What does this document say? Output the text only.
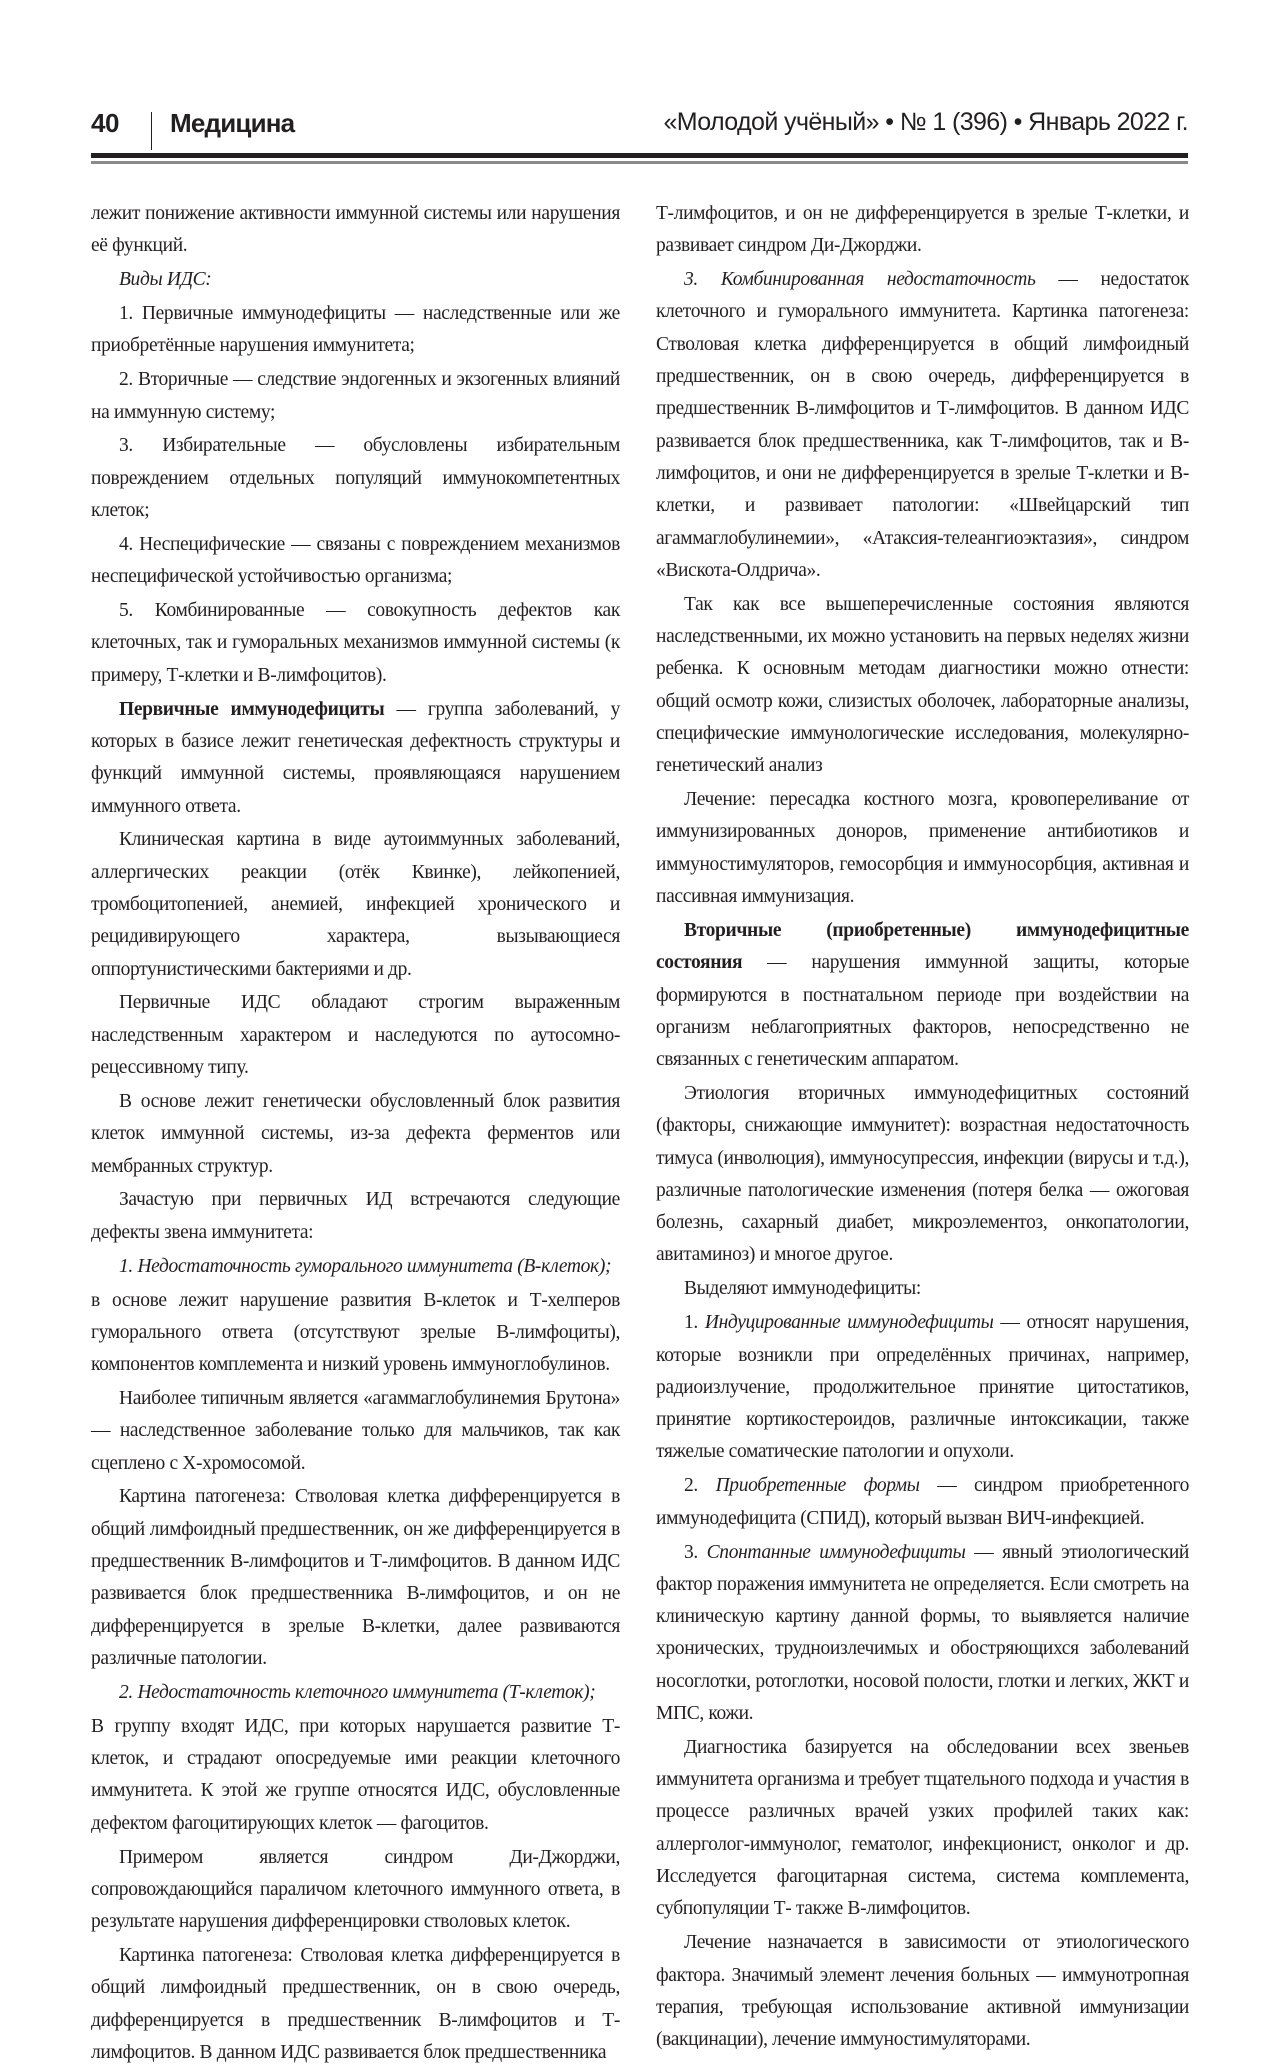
40 Медицина	«Молодой учёный» • № 1 (396) • Январь 2022 г.

лежит понижение активности иммунной системы или нарушения её функций.

Виды ИДС:

1. Первичные иммунодефициты — наследственные или же приобретённые нарушения иммунитета;

2. Вторичные — следствие эндогенных и экзогенных влияний на иммунную систему;

3. Избирательные — обусловлены избирательным повреждением отдельных популяций иммунокомпетентных клеток;

4. Неспецифические — связаны с повреждением механизмов неспецифической устойчивостью организма;

5. Комбинированные — совокупность дефектов как клеточных, так и гуморальных механизмов иммунной системы (к примеру, Т-клетки и В-лимфоцитов).

Первичные иммунодефициты — группа заболеваний, у которых в базисе лежит генетическая дефектность структуры и функций иммунной системы, проявляющаяся нарушением иммунного ответа.

Клиническая картина в виде аутоиммунных заболеваний, аллергических реакции (отёк Квинке), лейкопенией, тромбоцитопенией, анемией, инфекцией хронического и рецидивирующего характера, вызывающиеся оппортунистическими бактериями и др.

Первичные ИДС обладают строгим выраженным наследственным характером и наследуются по аутосомно-рецессивному типу.

В основе лежит генетически обусловленный блок развития клеток иммунной системы, из-за дефекта ферментов или мембранных структур.

Зачастую при первичных ИД встречаются следующие дефекты звена иммунитета:

1. Недостаточность гуморального иммунитета (В-клеток);

в основе лежит нарушение развития В-клеток и Т-хелперов гуморального ответа (отсутствуют зрелые В-лимфоциты), компонентов комплемента и низкий уровень иммуноглобулинов.

Наиболее типичным является «агаммаглобулинемия Брутона» — наследственное заболевание только для мальчиков, так как сцеплено с Х-хромосомой.

Картина патогенеза: Стволовая клетка дифференцируется в общий лимфоидный предшественник, он же дифференцируется в предшественник В-лимфоцитов и Т-лимфоцитов. В данном ИДС развивается блок предшественника В-лимфоцитов, и он не дифференцируется в зрелые В-клетки, далее развиваются различные патологии.

2. Недостаточность клеточного иммунитета (Т-клеток);

В группу входят ИДС, при которых нарушается развитие Т-клеток, и страдают опосредуемые ими реакции клеточного иммунитета. К этой же группе относятся ИДС, обусловленные дефектом фагоцитирующих клеток — фагоцитов.

Примером является синдром Ди-Джорджи, сопровождающийся параличом клеточного иммунного ответа, в результате нарушения дифференцировки стволовых клеток.

Картинка патогенеза: Стволовая клетка дифференцируется в общий лимфоидный предшественник, он в свою очередь, дифференцируется в предшественник В-лимфоцитов и Т-лимфоцитов. В данном ИДС развивается блок предшественника

Т-лимфоцитов, и он не дифференцируется в зрелые Т-клетки, и развивает синдром Ди-Джорджи.

3. Комбинированная недостаточность — недостаток клеточного и гуморального иммунитета. Картинка патогенеза: Стволовая клетка дифференцируется в общий лимфоидный предшественник, он в свою очередь, дифференцируется в предшественник В-лимфоцитов и Т-лимфоцитов. В данном ИДС развивается блок предшественника, как Т-лимфоцитов, так и В-лимфоцитов, и они не дифференцируется в зрелые Т-клетки и В-клетки, и развивает патологии: «Швейцарский тип агаммаглобулинемии», «Атаксия-телеангиоэктазия», синдром «Вискота-Олдрича».

Так как все вышеперечисленные состояния являются наследственными, их можно установить на первых неделях жизни ребенка. К основным методам диагностики можно отнести: общий осмотр кожи, слизистых оболочек, лабораторные анализы, специфические иммунологические исследования, молекулярно-генетический анализ

Лечение: пересадка костного мозга, кровопереливание от иммунизированных доноров, применение антибиотиков и иммуностимуляторов, гемосорбция и иммуносорбция, активная и пассивная иммунизация.

Вторичные (приобретенные) иммунодефицитные состояния — нарушения иммунной защиты, которые формируются в постнатальном периоде при воздействии на организм неблагоприятных факторов, непосредственно не связанных с генетическим аппаратом.

Этиология вторичных иммунодефицитных состояний (факторы, снижающие иммунитет): возрастная недостаточность тимуса (инволюция), иммуносупрессия, инфекции (вирусы и т.д.), различные патологические изменения (потеря белка — ожоговая болезнь, сахарный диабет, микроэлементоз, онкопатологии, авитаминоз) и многое другое.

Выделяют иммунодефициты:

1. Индуцированные иммунодефициты — относят нарушения, которые возникли при определённых причинах, например, радиоизлучение, продолжительное принятие цитостатиков, принятие кортикостероидов, различные интоксикации, также тяжелые соматические патологии и опухоли.

2. Приобретенные формы — синдром приобретенного иммунодефицита (СПИД), который вызван ВИЧ-инфекцией.

3. Спонтанные иммунодефициты — явный этиологический фактор поражения иммунитета не определяется. Если смотреть на клиническую картину данной формы, то выявляется наличие хронических, трудноизлечимых и обостряющихся заболеваний носоглотки, ротоглотки, носовой полости, глотки и легких, ЖКТ и МПС, кожи.

Диагностика базируется на обследовании всех звеньев иммунитета организма и требует тщательного подхода и участия в процессе различных врачей узких профилей таких как: аллерголог-иммунолог, гематолог, инфекционист, онколог и др. Исследуется фагоцитарная система, система комплемента, субпопуляции Т- также В-лимфоцитов.

Лечение назначается в зависимости от этиологического фактора. Значимый элемент лечения больных — иммунотропная терапия, требующая использование активной иммунизации (вакцинации), лечение иммуностимуляторами.
